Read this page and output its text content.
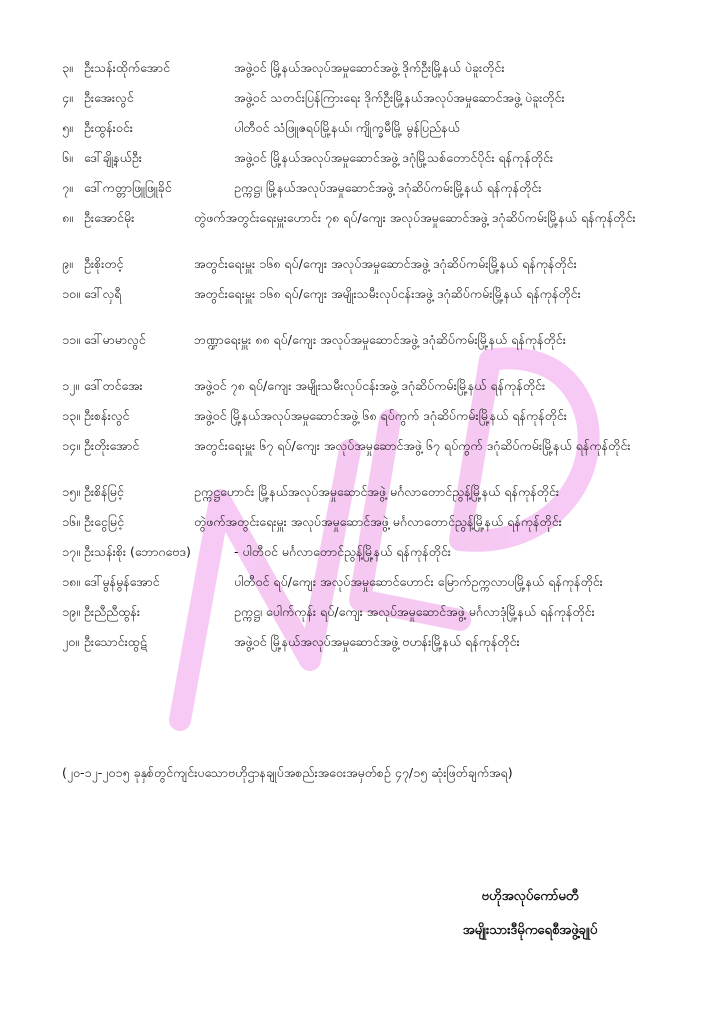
၃။ ဦးသန်းထိုက်အောင်	အဖွဲ့ဝင် မြို့နယ်အလုပ်အမှုဆောင်အဖွဲ့ ဒိုက်ဦးမြို့နယ် ပဲခူးတိုင်း
၄။ ဦးအေးလွင်	အဖွဲ့ဝင် သတင်းပြန်ကြားရေး ဒိုက်ဦးမြို့နယ်အလုပ်အမှုဆောင်အဖွဲ့ ပဲခူးတိုင်း
၅။ ဦးထွန်းဝင်း	ပါတီဝင် သံဖြူဇရပ်မြို့နယ်၊ ကျိုက္ခမီမြို့ မွန်ပြည်နယ်
၆။ ဒေါ်ချို့နယ်ဦး	အဖွဲ့ဝင် မြို့နယ်အလုပ်အမှုဆောင်အဖွဲ့ ဒဂုံမြို့သစ်တောင်ပိုင်း ရန်ကုန်တိုင်း
၇။ ဒေါ်ကတ္တာဖြူဖြူခိုင်	ဥက္ကဋ္ဌ၊ မြို့နယ်အလုပ်အမှုဆောင်အဖွဲ့ ဒဂုံဆိပ်ကမ်းမြို့နယ် ရန်ကုန်တိုင်း
၈။ ဦးအောင်မိုး	တွဲဖက်အတွင်းရေးမှူးဟောင်း ၇၈ ရပ်/ကျေး အလုပ်အမှုဆောင်အဖွဲ့ ဒဂုံဆိပ်ကမ်းမြို့နယ် ရန်ကုန်တိုင်း
၉။ ဦးစိုးတင့်	အတွင်းရေးမှူး ၁၆၈ ရပ်/ကျေး အလုပ်အမှုဆောင်အဖွဲ့ ဒဂုံဆိပ်ကမ်းမြို့နယ် ရန်ကုန်တိုင်း
၁၀။ ဒေါ်လှရီ	အတွင်းရေးမှူး ၁၆၈ ရပ်/ကျေး အမျိုးသမီးလုပ်ငန်းအဖွဲ့ ဒဂုံဆိပ်ကမ်းမြို့နယ် ရန်ကုန်တိုင်း
၁၁။ ဒေါ်မာမာလွင်	ဘဏ္ဍာရေးမှူး ၈၈ ရပ်/ကျေး အလုပ်အမှုဆောင်အဖွဲ့ ဒဂုံဆိပ်ကမ်းမြို့နယ် ရန်ကုန်တိုင်း
၁၂။ ဒေါ်တင်အေး	အဖွဲ့ဝင် ၇၈ ရပ်/ကျေး အမျိုးသမီးလုပ်ငန်းအဖွဲ့ ဒဂုံဆိပ်ကမ်းမြို့နယ် ရန်ကုန်တိုင်း
၁၃။ ဦးစန်းလွင်	အဖွဲ့ဝင် မြို့နယ်အလုပ်အမှုဆောင်အဖွဲ့ ၆၈ ရပ်ကွက် ဒဂုံဆိပ်ကမ်းမြို့နယ် ရန်ကုန်တိုင်း
၁၄။ ဦးတိုးအောင်	အတွင်းရေးမှူး ၆၇ ရပ်/ကျေး အလုပ်အမှုဆောင်အဖွဲ့ ၆၇ ရပ်ကွက် ဒဂုံဆိပ်ကမ်းမြို့နယ် ရန်ကုန်တိုင်း
၁၅။ ဦးစိန်မြင့်	ဥက္ကဋ္ဌဟောင်း မြို့နယ်အလုပ်အမှုဆောင်အဖွဲ့ မင်္ဂလာတောင်ညွန့်မြို့နယ် ရန်ကုန်တိုင်း
၁၆။ ဦးငွေမြင့်	တွဲဖက်အတွင်းရေးမှူး အလုပ်အမှုဆောင်အဖွဲ့ မင်္ဂလာတောင်ညွန့်မြို့နယ် ရန်ကုန်တိုင်း
၁၇။ ဦးသန်းစိုး (ဘောဂဗေဒ)	- ပါတီဝင် မင်္ဂလာတောင်ညွန့်မြို့နယ် ရန်ကုန်တိုင်း
၁၈။ ဒေါ်မွန်မွန်အောင်	ပါတီဝင် ရပ်/ကျေး အလုပ်အမှုဆောင်ဟောင်း မြောက်ဥက္ကလာပမြို့နယ် ရန်ကုန်တိုင်း
၁၉။ ဦးညီညီထွန်း	ဥက္ကဋ္ဌ၊ ပေါက်ကုန်း ရပ်/ကျေး အလုပ်အမှုဆောင်အဖွဲ့ မင်္ဂလာဒုံမြို့နယ် ရန်ကုန်တိုင်း
၂၀။ ဦးသောင်းထွဋ်	အဖွဲ့ဝင် မြို့နယ်အလုပ်အမှုဆောင်အဖွဲ့ ဗဟန်းမြို့နယ် ရန်ကုန်တိုင်း
(၂၀-၁၂-၂၀၁၅ ခုနှစ်တွင်ကျင်းပသောဗဟိုဌာနချုပ်အစည်းအဝေးအမှတ်စဉ် ၄၇/၁၅ ဆုံးဖြတ်ချက်အရ)
ဗဟိုအလုပ်ကော်မတီ
အမျိုးသားဒီမိုကရေစီအဖွဲ့ချုပ်
